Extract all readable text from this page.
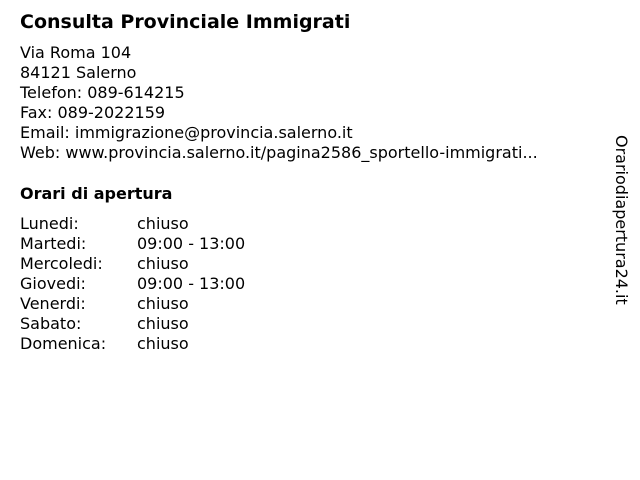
Consulta Provinciale Immigrati
Via Roma 104
84121 Salerno
Telefon: 089-614215
Fax: 089-2022159
Email: immigrazione@provincia.salerno.it
Web: www.provincia.salerno.it/pagina2586_sportello-immigrati...
Orari di apertura
Lunedi:	chiuso
Martedi:	09:00 - 13:00
Mercoledi:	chiuso
Giovedi:	09:00 - 13:00
Venerdi:	chiuso
Sabato:	chiuso
Domenica:	chiuso
Orariodiapertura24.it
